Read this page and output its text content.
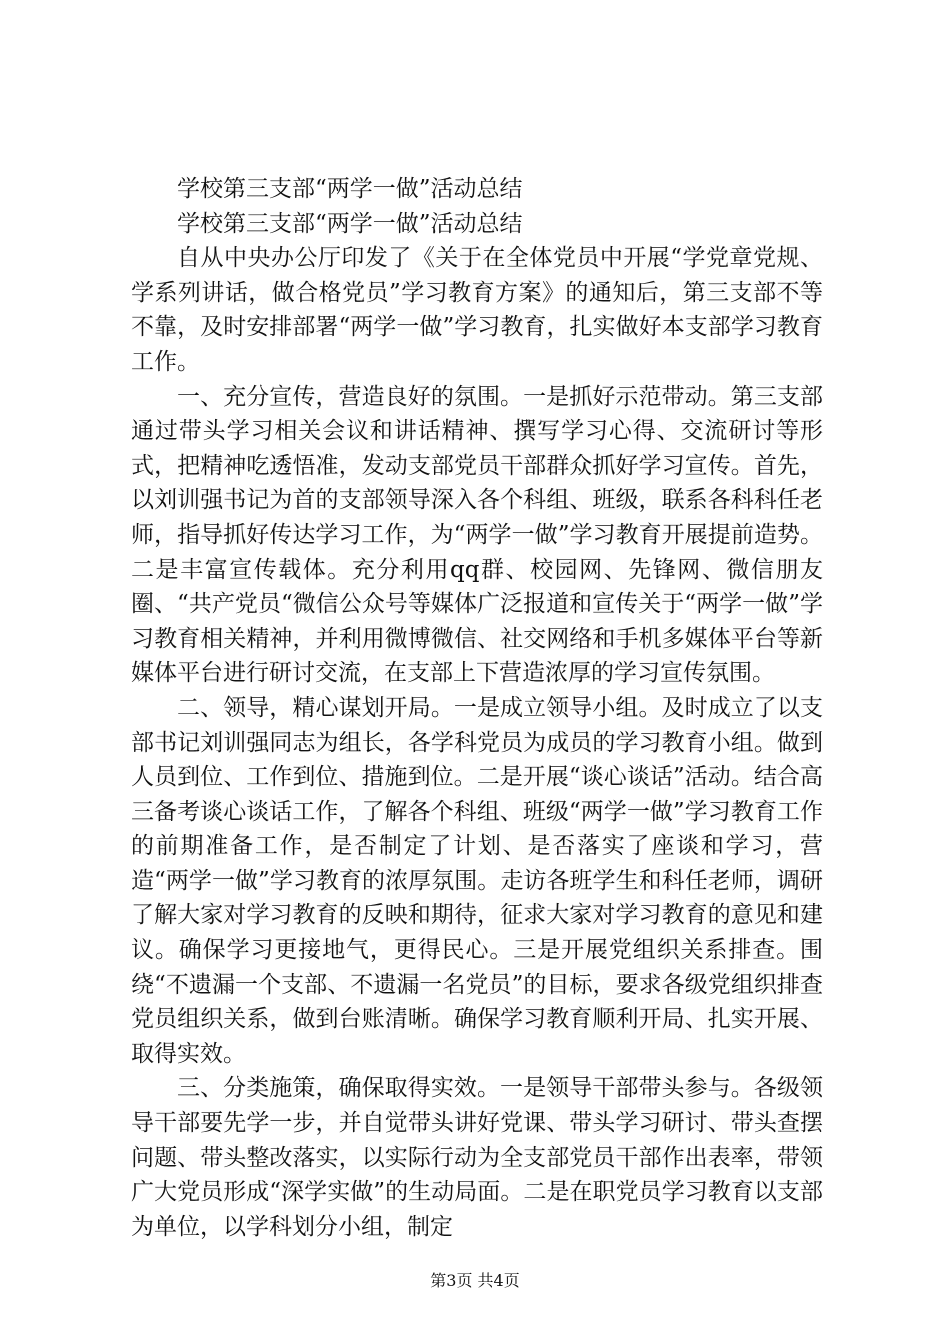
学校第三支部“两学一做”活动总结

学校第三支部“两学一做”活动总结

自从中央办公厅印发了《关于在全体党员中开展“学党章党规、学系列讲话，做合格党员”学习教育方案》的通知后，第三支部不等不靠，及时安排部署“两学一做”学习教育，扎实做好本支部学习教育工作。

一、充分宣传，营造良好的氛围。一是抓好示范带动。第三支部通过带头学习相关会议和讲话精神、撰写学习心得、交流研讨等形式，把精神吃透悟准，发动支部党员干部群众抓好学习宣传。首先，以刘训强书记为首的支部领导深入各个科组、班级，联系各科科任老师，指导抓好传达学习工作，为“两学一做”学习教育开展提前造势。二是丰富宣传载体。充分利用qq群、校园网、先锋网、微信朋友圈、“共产党员“微信公众号等媒体广泛报道和宣传关于“两学一做”学习教育相关精神，并利用微博微信、社交网络和手机多媒体平台等新媒体平台进行研讨交流，在支部上下营造浓厚的学习宣传氛围。

二、领导，精心谋划开局。一是成立领导小组。及时成立了以支部书记刘训强同志为组长，各学科党员为成员的学习教育小组。做到人员到位、工作到位、措施到位。二是开展“谈心谈话”活动。结合高三备考谈心谈话工作，了解各个科组、班级“两学一做”学习教育工作的前期准备工作，是否制定了计划、是否落实了座谈和学习，营造“两学一做”学习教育的浓厚氛围。走访各班学生和科任老师，调研了解大家对学习教育的反映和期待，征求大家对学习教育的意见和建议。确保学习更接地气，更得民心。三是开展党组织关系排查。围绕“不遗漏一个支部、不遗漏一名党员”的目标，要求各级党组织排查党员组织关系，做到台账清晰。确保学习教育顺利开局、扎实开展、取得实效。

三、分类施策，确保取得实效。一是领导干部带头参与。各级领导干部要先学一步，并自觉带头讲好党课、带头学习研讨、带头查摆问题、带头整改落实，以实际行动为全支部党员干部作出表率，带领广大党员形成“深学实做”的生动局面。二是在职党员学习教育以支部为单位，以学科划分小组，制定

第3页 共4页
